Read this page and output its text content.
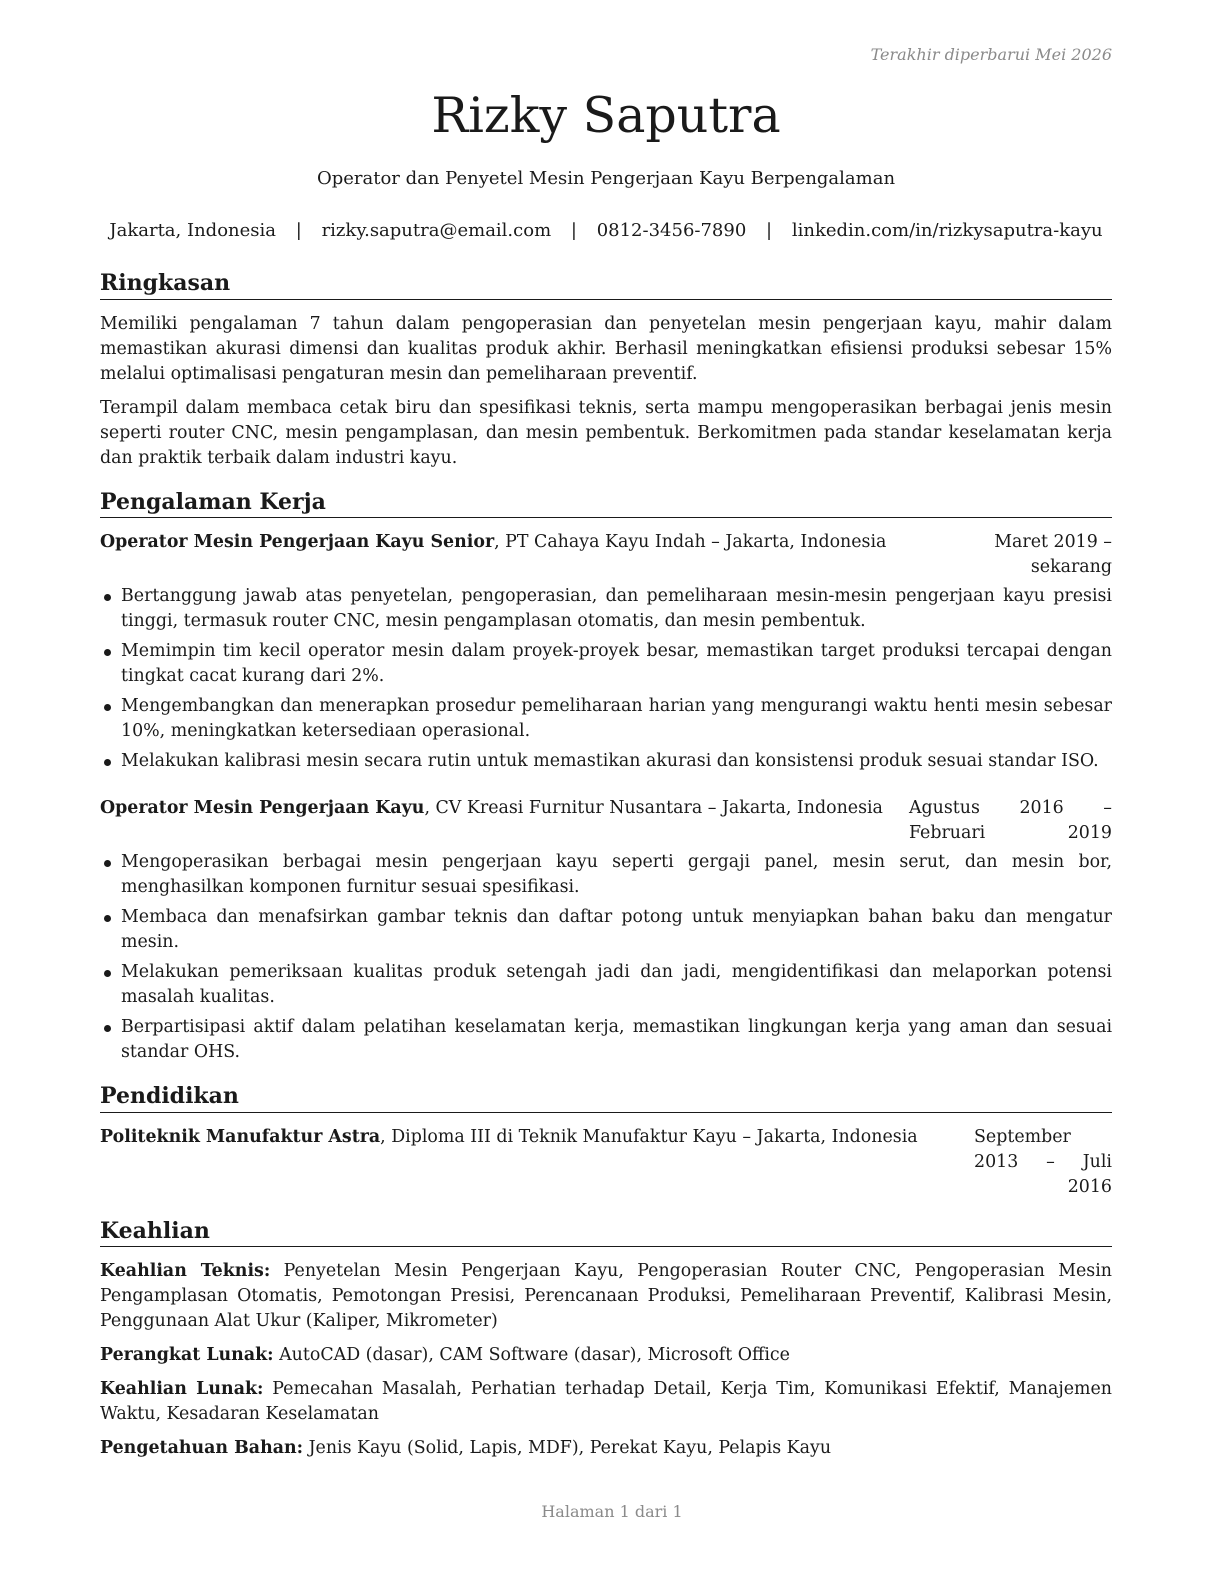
Terakhir diperbarui Mei 2026
Rizky Saputra
Operator dan Penyetel Mesin Pengerjaan Kayu Berpengalaman
Jakarta, Indonesia | rizky.saputra@email.com | 0812-3456-7890 | linkedin.com/in/rizkysaputra-kayu
Ringkasan

Memiliki pengalaman 7 tahun dalam pengoperasian dan penyetelan mesin pengerjaan kayu, mahir dalam memastikan akurasi dimensi dan kualitas produk akhir. Berhasil meningkatkan efisiensi produksi sebesar 15% melalui optimalisasi pengaturan mesin dan pemeliharaan preventif.

Terampil dalam membaca cetak biru dan spesifikasi teknis, serta mampu mengoperasikan berbagai jenis mesin seperti router CNC, mesin pengamplasan, dan mesin pembentuk. Berkomitmen pada standar keselamatan kerja dan praktik terbaik dalam industri kayu.

Pengalaman Kerja
Operator Mesin Pengerjaan Kayu Senior, PT Cahaya Kayu Indah – Jakarta, Indonesia	Maret 2019 – sekarang
Bertanggung jawab atas penyetelan, pengoperasian, dan pemeliharaan mesin-mesin pengerjaan kayu presisi tinggi, termasuk router CNC, mesin pengamplasan otomatis, dan mesin pembentuk.
Memimpin tim kecil operator mesin dalam proyek-proyek besar, memastikan target produksi tercapai dengan tingkat cacat kurang dari 2%.
Mengembangkan dan menerapkan prosedur pemeliharaan harian yang mengurangi waktu henti mesin sebesar 10%, meningkatkan ketersediaan operasional.
Melakukan kalibrasi mesin secara rutin untuk memastikan akurasi dan konsistensi produk sesuai standar ISO.
Operator Mesin Pengerjaan Kayu, CV Kreasi Furnitur Nusantara – Jakarta, Indonesia Agustus 2016 – Februari 2019
Mengoperasikan berbagai mesin pengerjaan kayu seperti gergaji panel, mesin serut, dan mesin bor, menghasilkan komponen furnitur sesuai spesifikasi.
Membaca dan menafsirkan gambar teknis dan daftar potong untuk menyiapkan bahan baku dan mengatur mesin.
Melakukan pemeriksaan kualitas produk setengah jadi dan jadi, mengidentifikasi dan melaporkan potensi masalah kualitas.
Berpartisipasi aktif dalam pelatihan keselamatan kerja, memastikan lingkungan kerja yang aman dan sesuai standar OHS.
Pendidikan
Politeknik Manufaktur Astra, Diploma III di Teknik Manufaktur Kayu – Jakarta, Indonesia	September 2013 – Juli 2016
Keahlian

Keahlian Teknis: Penyetelan Mesin Pengerjaan Kayu, Pengoperasian Router CNC, Pengoperasian Mesin Pengamplasan Otomatis, Pemotongan Presisi, Perencanaan Produksi, Pemeliharaan Preventif, Kalibrasi Mesin, Penggunaan Alat Ukur (Kaliper, Mikrometer)

Perangkat Lunak: AutoCAD (dasar), CAM Software (dasar), Microsoft Office

Keahlian Lunak: Pemecahan Masalah, Perhatian terhadap Detail, Kerja Tim, Komunikasi Efektif, Manajemen Waktu, Kesadaran Keselamatan

Pengetahuan Bahan: Jenis Kayu (Solid, Lapis, MDF), Perekat Kayu, Pelapis Kayu

Halaman 1 dari 1
